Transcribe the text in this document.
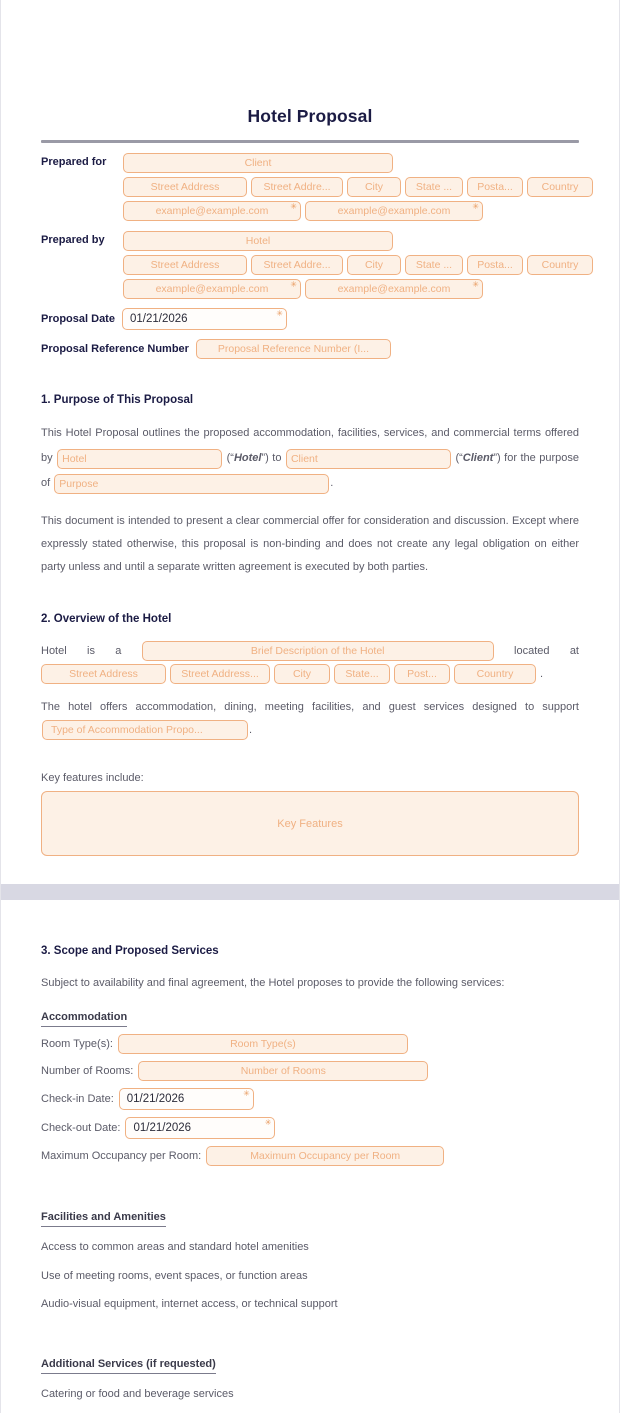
Hotel Proposal
Prepared for	Client
Street Address	Street Addre...	City	State ...	Posta...	Country
example@example.com	✳	example@example.com	✳
Prepared by	Hotel
Street Address	Street Addre...	City	State ...	Posta...	Country
example@example.com	✳	example@example.com	✳
Proposal Date	01/21/2026	✳
Proposal Reference Number	Proposal Reference Number (I...
1. Purpose of This Proposal
This Hotel Proposal outlines the proposed accommodation, facilities, services, and commercial terms offered by Hotel	(“Hotel”) to Client	(“Client”) for the purpose of Purpose	.

This document is intended to present a clear commercial offer for consideration and discussion. Except where expressly stated otherwise, this proposal is non-binding and does not create any legal obligation on either party unless and until a separate written agreement is executed by both parties.

2. Overview of the Hotel
Hotel is a	Brief Description of the Hotel	located at
Street Address	Street Address...	City	State...	Post...	Country	.
The hotel offers accommodation, dining, meeting facilities, and guest services designed to support Type of Accommodation Propo...	.
Key features include:
Key Features
3. Scope and Proposed Services

Subject to availability and final agreement, the Hotel proposes to provide the following services:

Accommodation
Room Type(s):	Room Type(s)
Number of Rooms:	Number of Rooms
Check-in Date:	01/21/2026	✳
Check-out Date:	01/21/2026	✳
Maximum Occupancy per Room:	Maximum Occupancy per Room
Facilities and Amenities
Access to common areas and standard hotel amenities
Use of meeting rooms, event spaces, or function areas
Audio-visual equipment, internet access, or technical support
Additional Services (if requested)
Catering or food and beverage services
